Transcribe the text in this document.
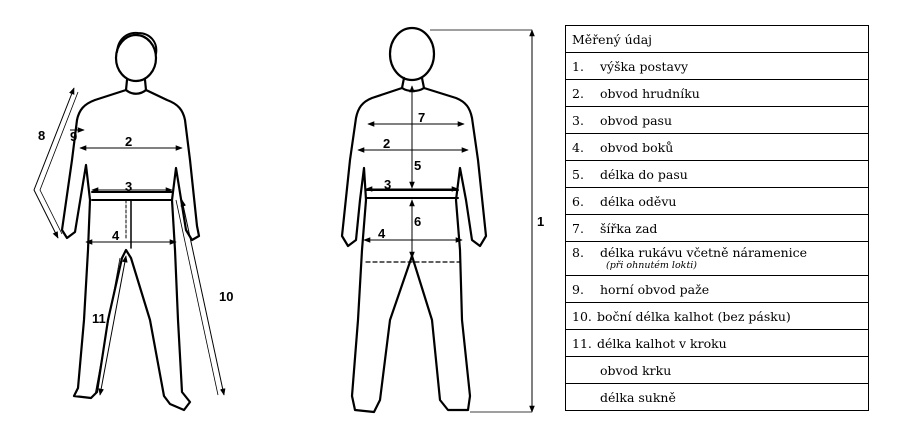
8 9	2
3
4
10
11
7
2
5
3
6
4
1
Měřený údaj
1. výška postavy
2. obvod hrudníku
3. obvod pasu
4. obvod boků
5. délka do pasu
6. délka oděvu
7. šířka zad
8. délka rukávu včetně náramenice
(při ohnutém lokti)

9. horní obvod paže
10. boční délka kalhot (bez pásku)
11. délka kalhot v kroku
obvod krku
délka sukně
